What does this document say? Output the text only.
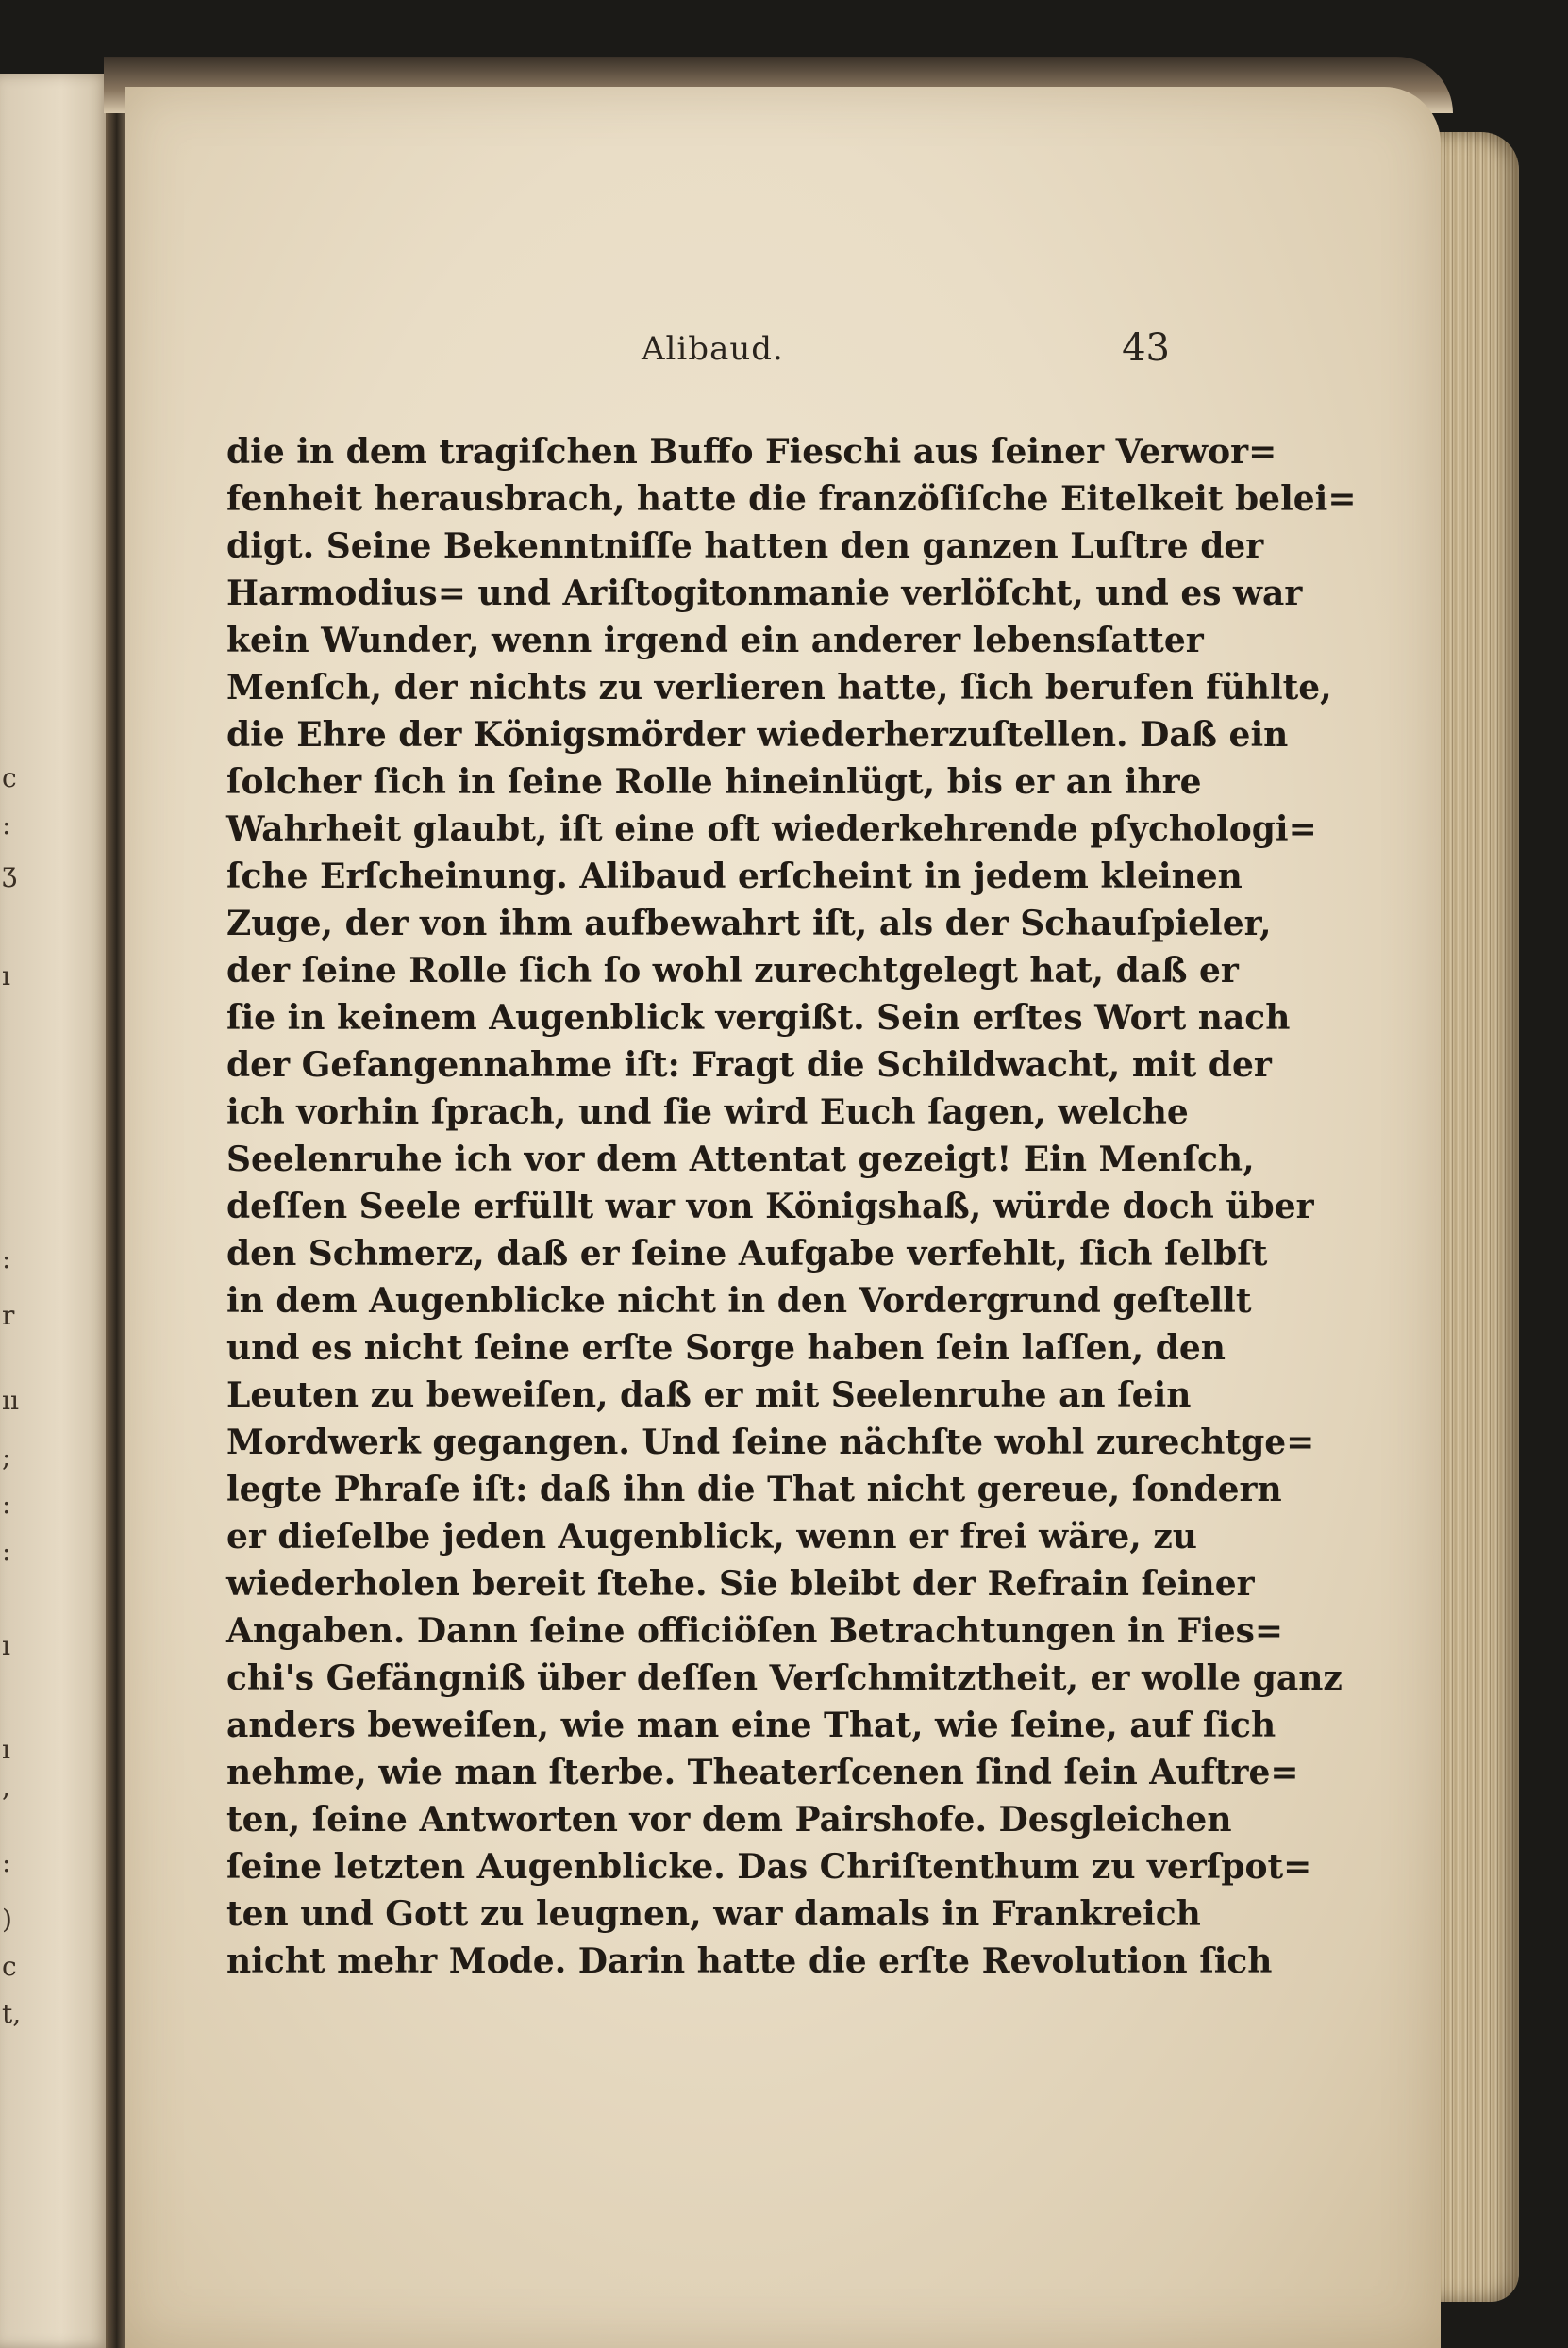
c
:
ʒ
ı
:
r
ıı
;
:
:
ı
ı
,
:
)
c
t,
Alibaud.	43
die in dem tragiſchen Buffo Fieschi aus ſeiner Verwor=
fenheit herausbrach, hatte die franzöſiſche Eitelkeit belei=
digt. Seine Bekenntniſſe hatten den ganzen Luſtre der
Harmodius= und Ariſtogitonmanie verlöſcht, und es war
kein Wunder, wenn irgend ein anderer lebensſatter
Menſch, der nichts zu verlieren hatte, ſich berufen fühlte,
die Ehre der Königsmörder wiederherzuſtellen. Daß ein
ſolcher ſich in ſeine Rolle hineinlügt, bis er an ihre
Wahrheit glaubt, iſt eine oft wiederkehrende pſychologi=
ſche Erſcheinung. Alibaud erſcheint in jedem kleinen
Zuge, der von ihm aufbewahrt iſt, als der Schauſpieler,
der ſeine Rolle ſich ſo wohl zurechtgelegt hat, daß er
ſie in keinem Augenblick vergißt. Sein erſtes Wort nach
der Gefangennahme iſt: Fragt die Schildwacht, mit der
ich vorhin ſprach, und ſie wird Euch ſagen, welche
Seelenruhe ich vor dem Attentat gezeigt! Ein Menſch,
deſſen Seele erfüllt war von Königshaß, würde doch über
den Schmerz, daß er ſeine Aufgabe verfehlt, ſich ſelbſt
in dem Augenblicke nicht in den Vordergrund geſtellt
und es nicht ſeine erſte Sorge haben ſein laſſen, den
Leuten zu beweiſen, daß er mit Seelenruhe an ſein
Mordwerk gegangen. Und ſeine nächſte wohl zurechtge=
legte Phraſe iſt: daß ihn die That nicht gereue, ſondern
er dieſelbe jeden Augenblick, wenn er frei wäre, zu
wiederholen bereit ſtehe. Sie bleibt der Refrain ſeiner
Angaben. Dann ſeine officiöſen Betrachtungen in Fies=
chi's Gefängniß über deſſen Verſchmitztheit, er wolle ganz
anders beweiſen, wie man eine That, wie ſeine, auf ſich
nehme, wie man ſterbe. Theaterſcenen ſind ſein Auftre=
ten, ſeine Antworten vor dem Pairshofe. Desgleichen
ſeine letzten Augenblicke. Das Chriſtenthum zu verſpot=
ten und Gott zu leugnen, war damals in Frankreich
nicht mehr Mode. Darin hatte die erſte Revolution ſich
